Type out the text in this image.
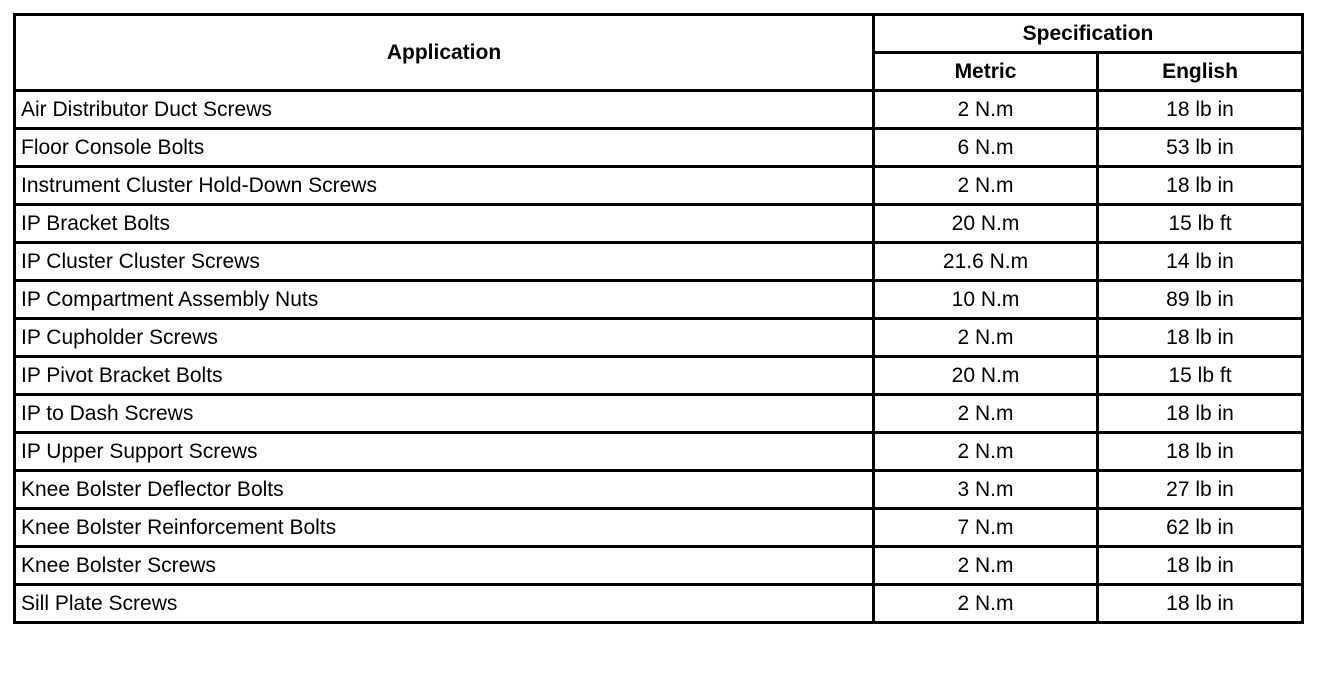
Application	Specification	
	Metric	English
Air Distributor Duct Screws	2 N.m	18 lb in
Floor Console Bolts	6 N.m	53 lb in
Instrument Cluster Hold-Down Screws	2 N.m	18 lb in
IP Bracket Bolts	20 N.m	15 lb ft
IP Cluster Cluster Screws	21.6 N.m	14 lb in
IP Compartment Assembly Nuts	10 N.m	89 lb in
IP Cupholder Screws	2 N.m	18 lb in
IP Pivot Bracket Bolts	20 N.m	15 lb ft
IP to Dash Screws	2 N.m	18 lb in
IP Upper Support Screws	2 N.m	18 lb in
Knee Bolster Deflector Bolts	3 N.m	27 lb in
Knee Bolster Reinforcement Bolts	7 N.m	62 lb in
Knee Bolster Screws	2 N.m	18 lb in
Sill Plate Screws	2 N.m	18 lb in
